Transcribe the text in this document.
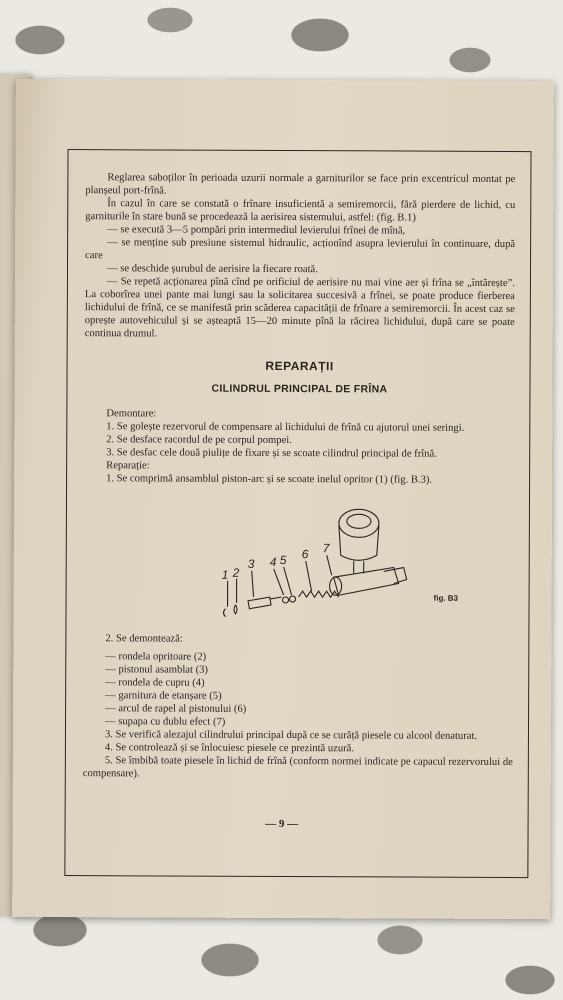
Reglarea saboților în perioada uzurii normale a garniturilor se face prin excentricul montat pe planșeul port-frînă.

În cazul în care se constată o frînare insuficientă a semiremorcii, fără pierdere de lichid, cu garniturile în stare bună se procedează la aerisirea sistemului, astfel: (fig. B.1)

— se execută 3—5 pompări prin intermediul levierului frînei de mînă,

— se menține sub presiune sistemul hidraulic, acționînd asupra levierului în continuare, după care

— se deschide șurubul de aerisire la fiecare roată.

— Se repetă acționarea pînă cînd pe orificiul de aerisire nu mai vine aer și frîna se „întărește”. La coborîrea unei pante mai lungi sau la solicitarea succesivă a frînei, se poate produce fierberea lichidului de frînă, ce se manifestă prin scăderea capacității de frînare a semiremorcii. În acest caz se oprește autovehiculul și se așteaptă 15—20 minute pînă la răcirea lichidului, după care se poate continua drumul.

REPARAȚII

CILINDRUL PRINCIPAL DE FRÎNA

Demontare:

1. Se golește rezervorul de compensare al lichidului de frînă cu ajutorul unei seringi.

2. Se desface racordul de pe corpul pompei.

3. Se desfac cele două piulițe de fixare și se scoate cilindrul principal de frînă.

Reparație:

1. Se comprimă ansamblul piston-arc și se scoate inelul opritor (1) (fig. B.3).

1 2
3 4 5 6 7
fig. B3

2. Se demontează:

— rondela opritoare (2)

— pistonul asamblat (3)

— rondela de cupru (4)

— garnitura de etanșare (5)

— arcul de rapel al pistonului (6)

— supapa cu dublu efect (7)

3. Se verifică alezajul cilindrului principal după ce se curăță piesele cu alcool denaturat.

4. Se controlează și se înlocuiesc piesele ce prezintă uzură.

5. Se îmbibă toate piesele în lichid de frînă (conform normei indicate pe capacul rezervorului de compensare).

— 9 —
